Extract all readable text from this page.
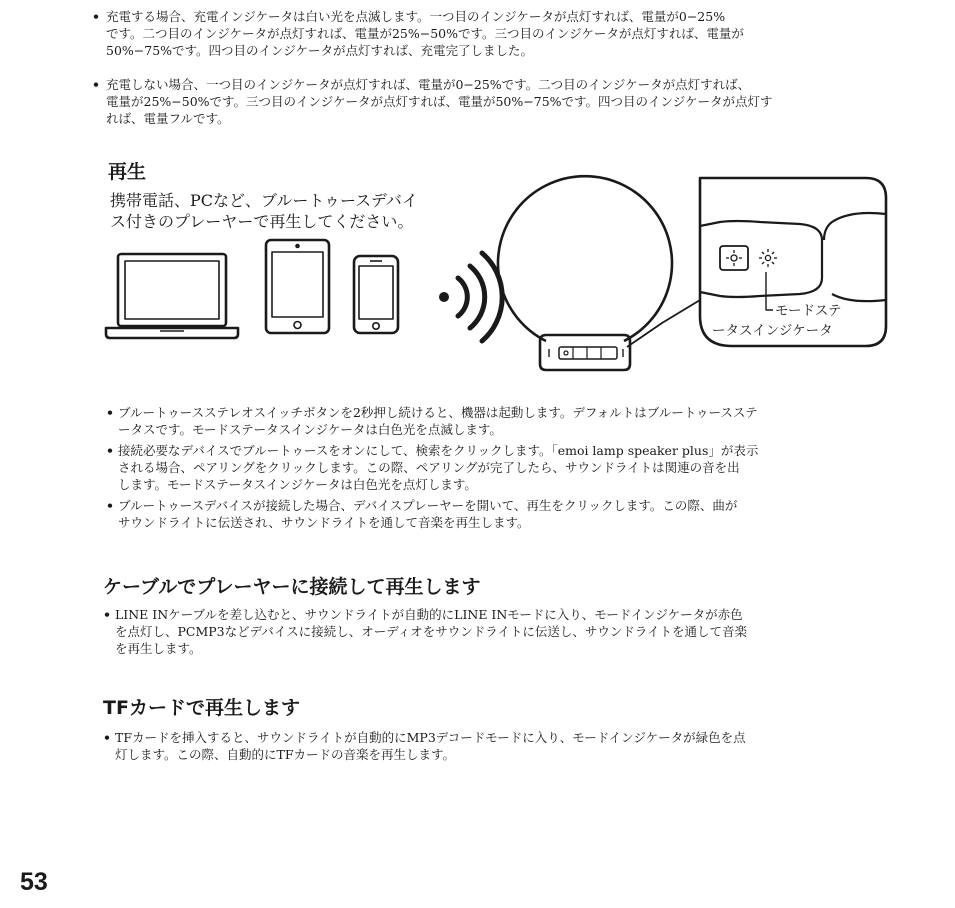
• 充電する場合、充電インジケータは白い光を点滅します。一つ目のインジケータが点灯すれば、電量が0−25%
です。二つ目のインジケータが点灯すれば、電量が25%−50%です。三つ目のインジケータが点灯すれば、電量が
50%−75%です。四つ目のインジケータが点灯すれば、充電完了しました。
• 充電しない場合、一つ目のインジケータが点灯すれば、電量が0−25%です。二つ目のインジケータが点灯すれば、
電量が25%−50%です。三つ目のインジケータが点灯すれば、電量が50%−75%です。四つ目のインジケータが点灯す
れば、電量フルです。
再生
携帯電話、PCなど、ブルートゥースデバイ
ス付きのプレーヤーで再生してください。
モードステ
ータスインジケータ
• ブルートゥースステレオスイッチボタンを2秒押し続けると、機器は起動します。デフォルトはブルートゥースステ
ータスです。モードステータスインジケータは白色光を点滅します。
• 接続必要なデバイスでブルートゥースをオンにして、検索をクリックします。「emoi lamp speaker plus」が表示
される場合、ペアリングをクリックします。この際、ペアリングが完了したら、サウンドライトは関連の音を出
します。モードステータスインジケータは白色光を点灯します。
• ブルートゥースデバイスが接続した場合、デバイスプレーヤーを開いて、再生をクリックします。この際、曲が
サウンドライトに伝送され、サウンドライトを通して音楽を再生します。
ケーブルでプレーヤーに接続して再生します
• LINE INケーブルを差し込むと、サウンドライトが自動的にLINE INモードに入り、モードインジケータが赤色
を点灯し、PCMP3などデバイスに接続し、オーディオをサウンドライトに伝送し、サウンドライトを通して音楽
を再生します。
TFカードで再生します
• TFカードを挿入すると、サウンドライトが自動的にMP3デコードモードに入り、モードインジケータが緑色を点
灯します。この際、自動的にTFカードの音楽を再生します。
53
